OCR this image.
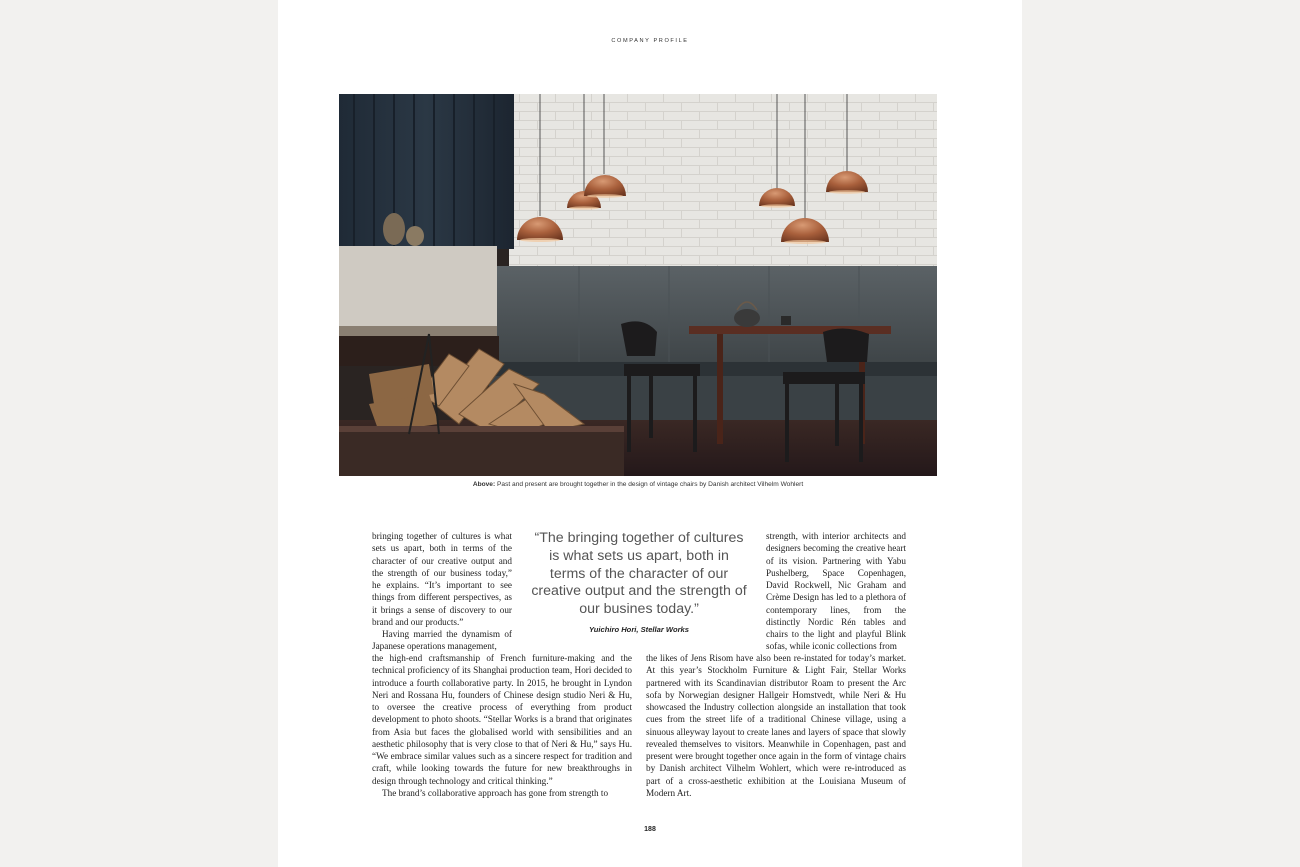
COMPANY PROFILE
Above: Past and present are brought together in the design of vintage chairs by Danish architect Vilhelm Wohlert

bringing together of cultures is what sets us apart, both in terms of the character of our creative output and the strength of our business today,” he explains. “It’s important to see things from different perspectives, as it brings a sense of discovery to our brand and our products.”

Having married the dynamism of Japanese operations management,

“The bringing together of cultures is what sets us apart, both in terms of the character of our creative output and the strength of our busines today.”
Yuichiro Hori, Stellar Works

strength, with interior architects and designers becoming the creative heart of its vision. Partnering with Yabu Pushelberg, Space Copenhagen, David Rockwell, Nic Graham and Crème Design has led to a plethora of contemporary lines, from the distinctly Nordic Rén tables and chairs to the light and playful Blink sofas, while iconic collections from

the high-end craftsmanship of French furniture-making and the technical proficiency of its Shanghai production team, Hori decided to introduce a fourth collaborative party. In 2015, he brought in Lyndon Neri and Rossana Hu, founders of Chinese design studio Neri & Hu, to oversee the creative process of everything from product development to photo shoots. “Stellar Works is a brand that originates from Asia but faces the globalised world with sensibilities and an aesthetic philosophy that is very close to that of Neri & Hu,” says Hu. “We embrace similar values such as a sincere respect for tradition and craft, while looking towards the future for new breakthroughs in design through technology and critical thinking.”

The brand’s collaborative approach has gone from strength to

the likes of Jens Risom have also been re-instated for today’s market. At this year’s Stockholm Furniture & Light Fair, Stellar Works partnered with its Scandinavian distributor Roam to present the Arc sofa by Norwegian designer Hallgeir Homstvedt, while Neri & Hu showcased the Industry collection alongside an installation that took cues from the street life of a traditional Chinese village, using a sinuous alleyway layout to create lanes and layers of space that slowly revealed themselves to visitors. Meanwhile in Copenhagen, past and present were brought together once again in the form of vintage chairs by Danish architect Vilhelm Wohlert, which were re-introduced as part of a cross-aesthetic exhibition at the Louisiana Museum of Modern Art.

188
